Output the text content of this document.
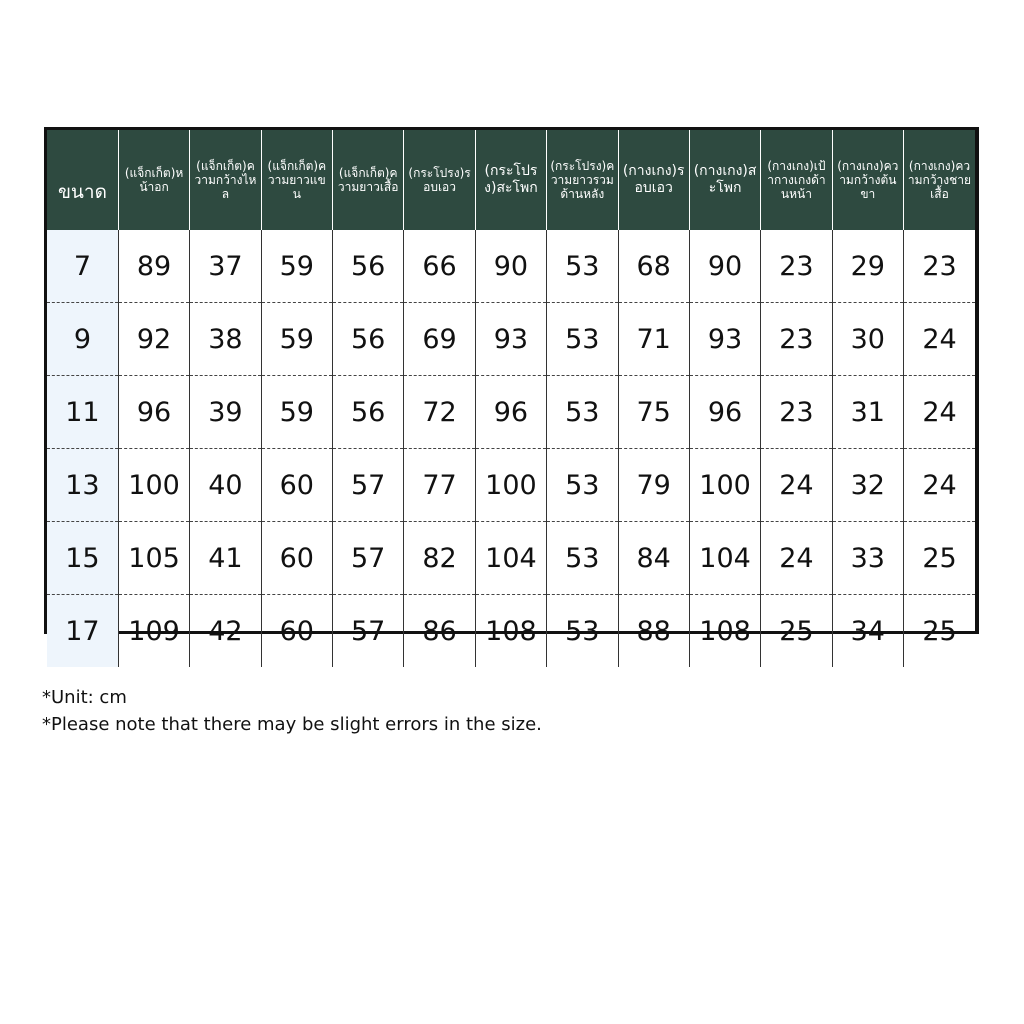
ขนาด	(แจ็กเก็ต)หน้าอก	(แจ็กเก็ต)ความกว้างไหล	(แจ็กเก็ต)ความยาวแขน	(แจ็กเก็ต)ความยาวเสื้อ	(กระโปรง)รอบเอว	(กระโปรง)สะโพก	(กระโปรง)ความยาวรวมด้านหลัง	(กางเกง)รอบเอว	(กางเกง)สะโพก	(กางเกง)เป้ากางเกงด้านหน้า	(กางเกง)ความกว้างต้นขา	(กางเกง)ความกว้างชายเสื้อ
7	89	37	59	56	66	90	53	68	90	23	29	23
9	92	38	59	56	69	93	53	71	93	23	30	24
11	96	39	59	56	72	96	53	75	96	23	31	24
13	100	40	60	57	77	100	53	79	100	24	32	24
15	105	41	60	57	82	104	53	84	104	24	33	25
17	109	42	60	57	86	108	53	88	108	25	34	25
*Unit: cm
*Please note that there may be slight errors in the size.
